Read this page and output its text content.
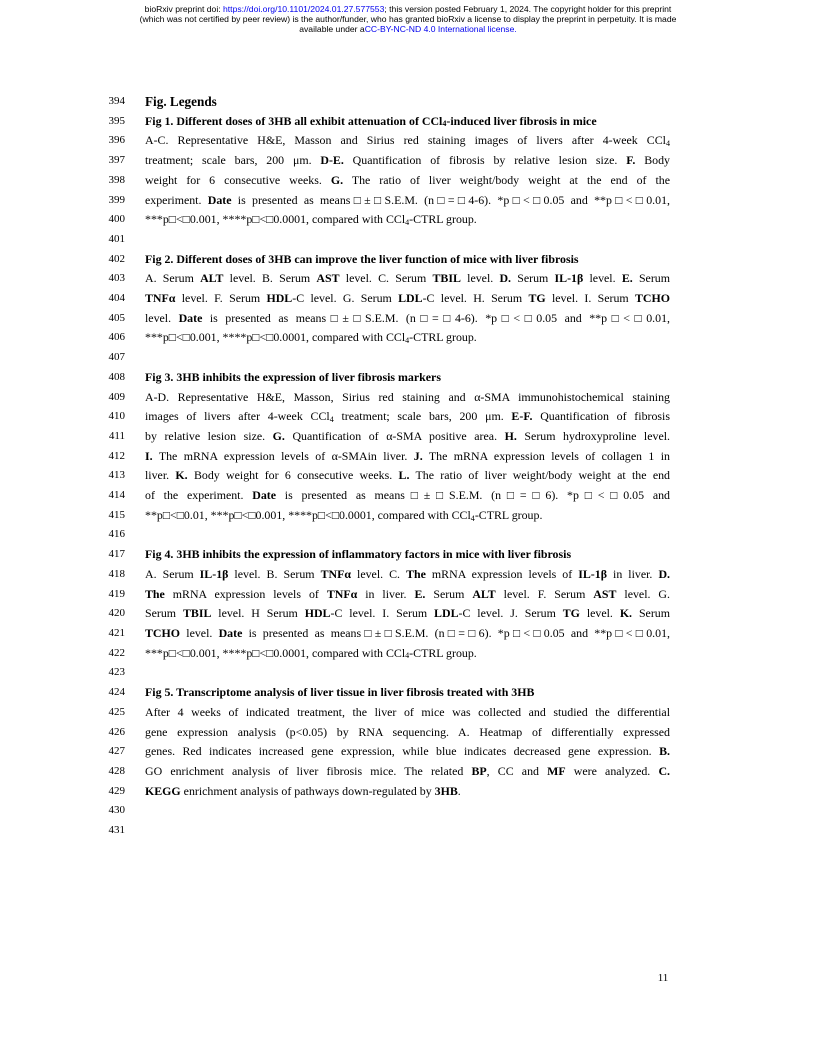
bioRxiv preprint doi: https://doi.org/10.1101/2024.01.27.577553; this version posted February 1, 2024. The copyright holder for this preprint
(which was not certified by peer review) is the author/funder, who has granted bioRxiv a license to display the preprint in perpetuity. It is made
available under aCC-BY-NC-ND 4.0 International license.
394 Fig. Legends
395 Fig 1. Different doses of 3HB all exhibit attenuation of CCl$_4$-induced liver fibrosis in mice
396 A-C. Representative H&E, Masson and Sirius red staining images of livers after 4-week CCl$_4$
397 treatment; scale bars, 200 μm. D-E. Quantification of fibrosis by relative lesion size. F. Body
398 weight for 6 consecutive weeks. G. The ratio of liver weight/body weight at the end of the
399 experiment. Date is presented as means□±□S.E.M. (n□=□4-6). *p□<□0.05 and **p□<□0.01,
400 ***p□<□0.001, ****p□<□0.0001, compared with CCl$_4$-CTRL group.
401
402 Fig 2. Different doses of 3HB can improve the liver function of mice with liver fibrosis
403 A. Serum ALT level. B. Serum AST level. C. Serum TBIL level. D. Serum IL-1β level. E. Serum
404 TNFα level. F. Serum HDL-C level. G. Serum LDL-C level. H. Serum TG level. I. Serum TCHO
405 level. Date is presented as means□±□S.E.M. (n□=□4-6). *p□<□0.05 and **p□<□0.01,
406 ***p□<□0.001, ****p□<□0.0001, compared with CCl$_4$-CTRL group.
407
408 Fig 3. 3HB inhibits the expression of liver fibrosis markers
409 A-D. Representative H&E, Masson, Sirius red staining and α-SMA immunohistochemical staining
410 images of livers after 4-week CCl$_4$ treatment; scale bars, 200 μm. E-F. Quantification of fibrosis
411 by relative lesion size. G. Quantification of α-SMA positive area. H. Serum hydroxyproline level.
412 I. The mRNA expression levels of α-SMAin liver. J. The mRNA expression levels of collagen 1 in
413 liver. K. Body weight for 6 consecutive weeks. L. The ratio of liver weight/body weight at the end
414 of the experiment. Date is presented as means□±□S.E.M. (n□=□6). *p□<□0.05 and
415 **p□<□0.01, ***p□<□0.001, ****p□<□0.0001, compared with CCl$_4$-CTRL group.
416
417 Fig 4. 3HB inhibits the expression of inflammatory factors in mice with liver fibrosis
418 A. Serum IL-1β level. B. Serum TNFα level. C. The mRNA expression levels of IL-1β in liver. D.
419 The mRNA expression levels of TNFα in liver. E. Serum ALT level. F. Serum AST level. G.
420 Serum TBIL level. H Serum HDL-C level. I. Serum LDL-C level. J. Serum TG level. K. Serum
421 TCHO level. Date is presented as means□±□S.E.M. (n□=□6). *p□<□0.05 and **p□<□0.01,
422 ***p□<□0.001, ****p□<□0.0001, compared with CCl$_4$-CTRL group.
423
424 Fig 5. Transcriptome analysis of liver tissue in liver fibrosis treated with 3HB
425 After 4 weeks of indicated treatment, the liver of mice was collected and studied the differential
426 gene expression analysis (p<0.05) by RNA sequencing. A. Heatmap of differentially expressed
427 genes. Red indicates increased gene expression, while blue indicates decreased gene expression. B.
428 GO enrichment analysis of liver fibrosis mice. The related BP, CC and MF were analyzed. C.
429 KEGG enrichment analysis of pathways down-regulated by 3HB.
430
431
11
